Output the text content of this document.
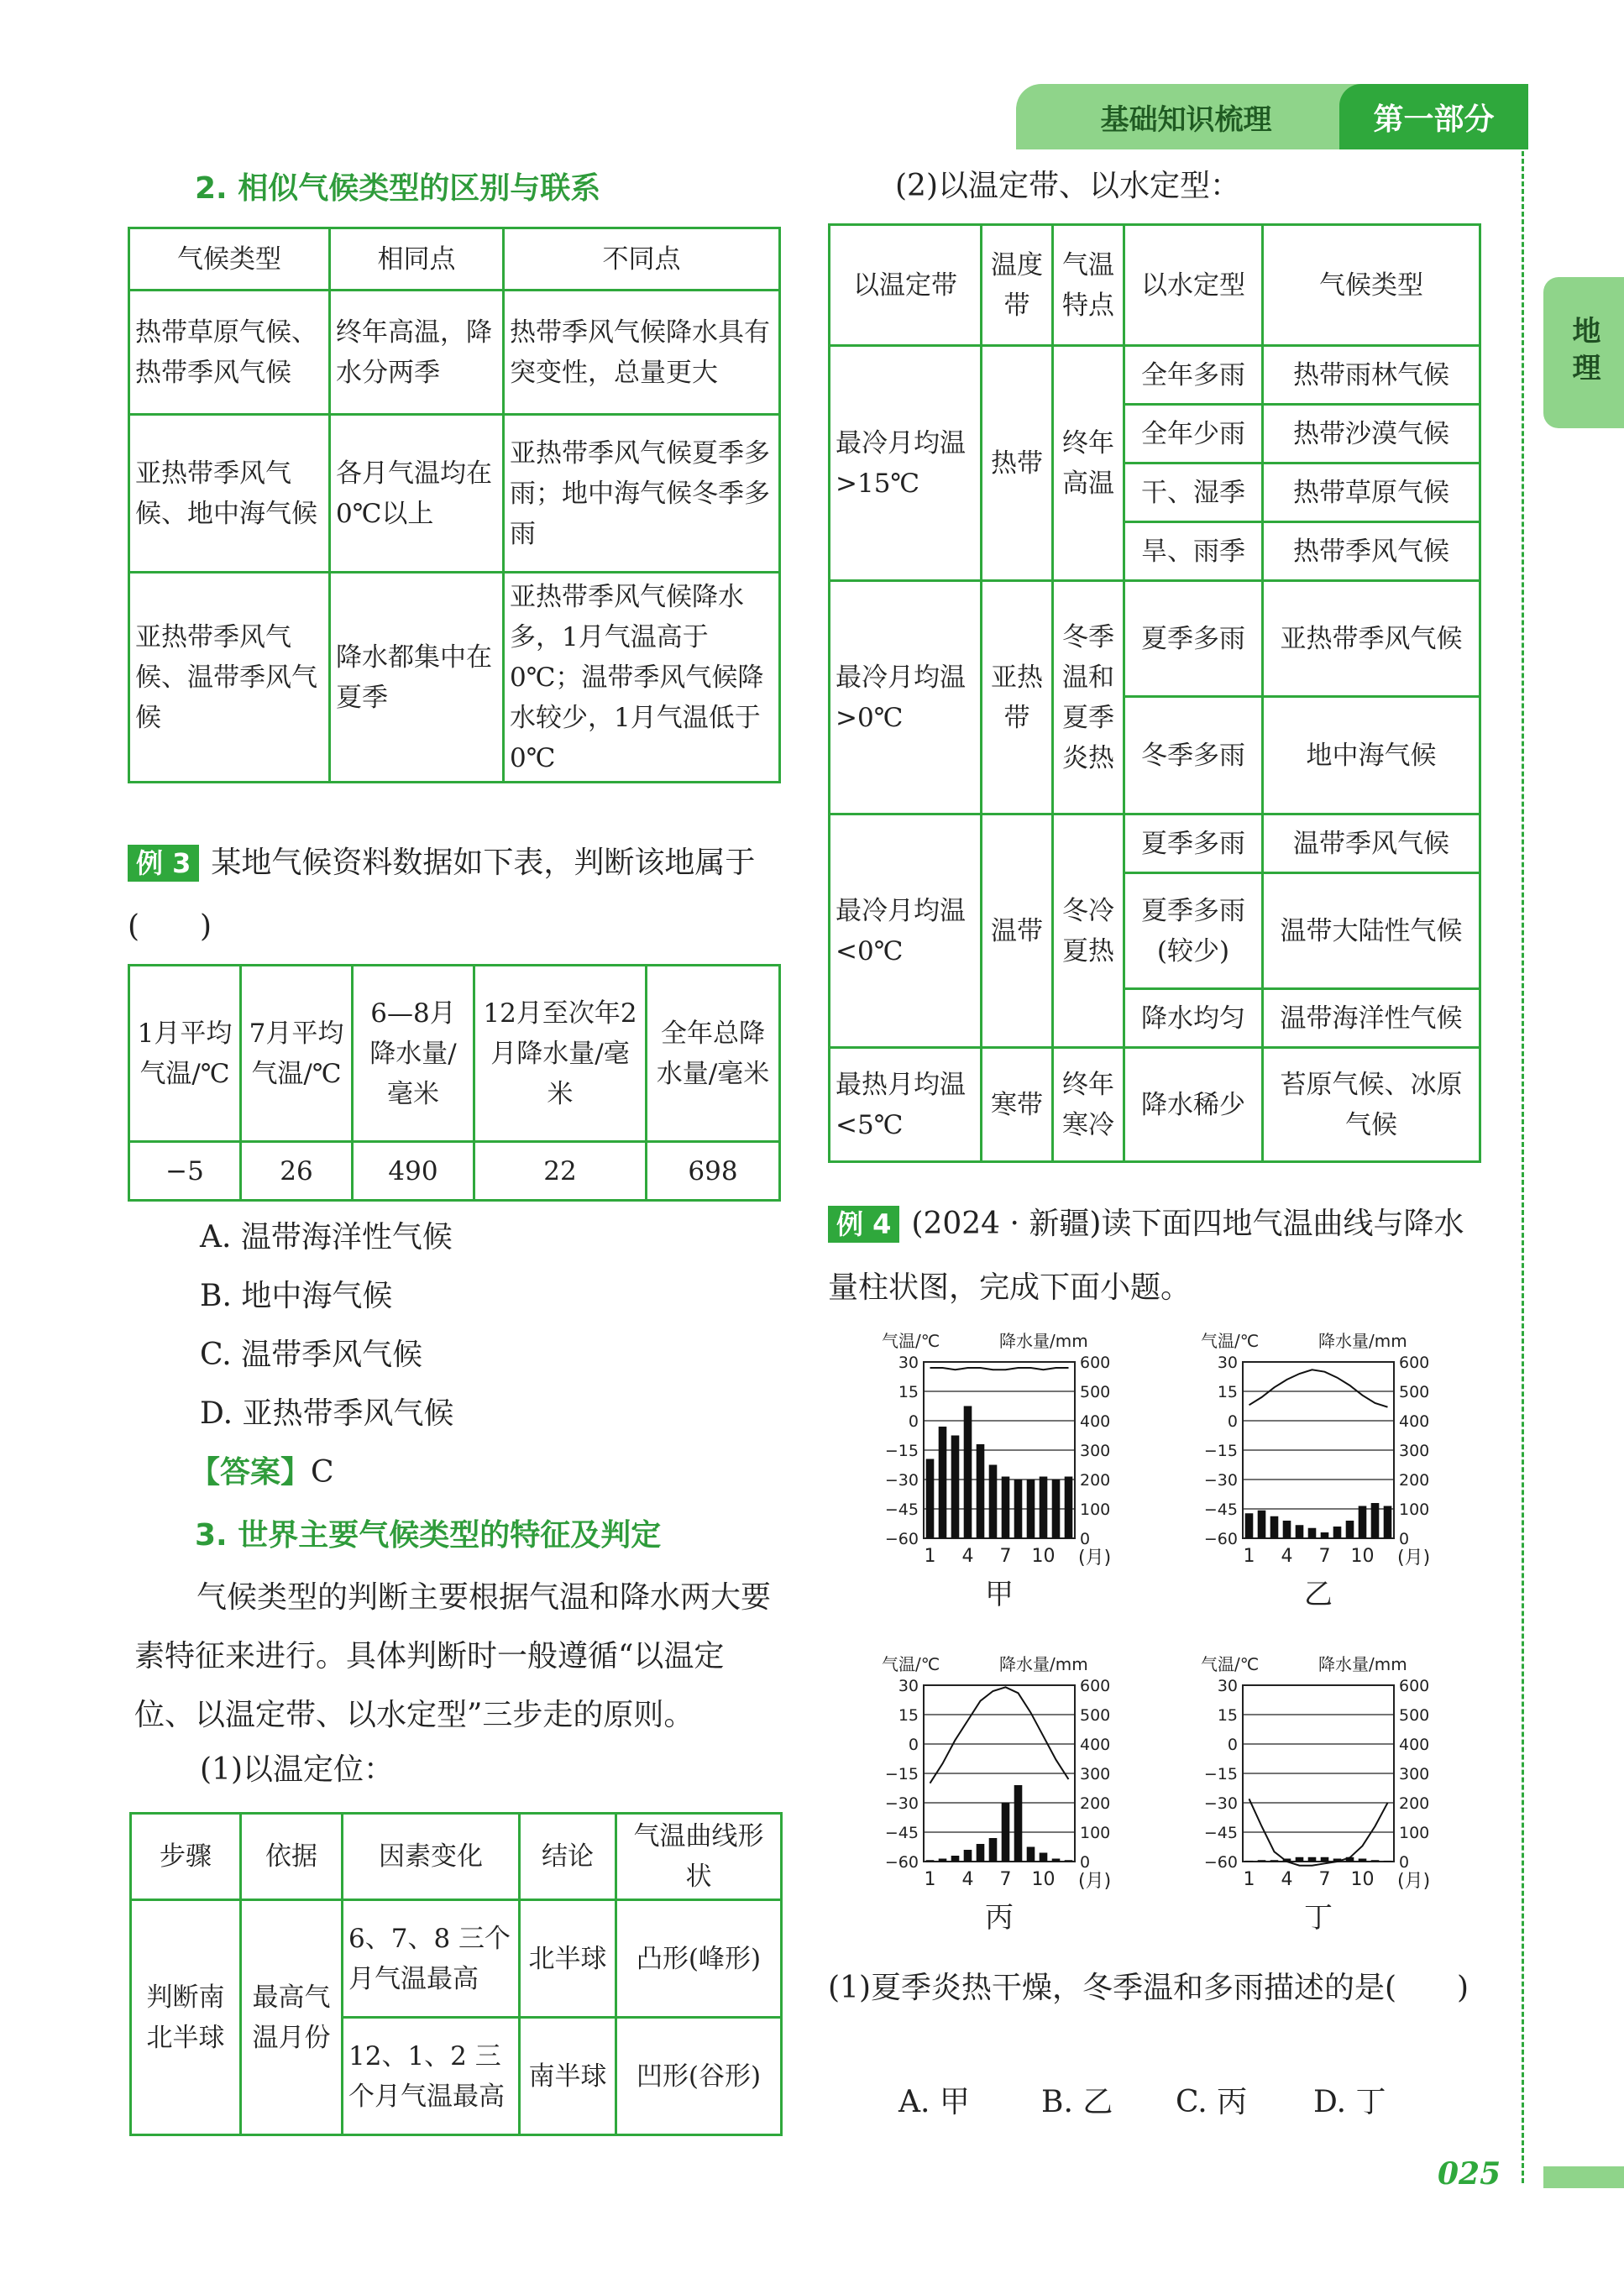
基础知识梳理	第一部分
地理
025
2. 相似气候类型的区别与联系
气候类型	相同点	不同点
热带草原气候、热带季风气候	终年高温，降水分两季	热带季风气候降水具有突变性，总量更大
亚热带季风气候、地中海气候	各月气温均在0℃以上	亚热带季风气候夏季多雨；地中海气候冬季多雨
亚热带季风气候、温带季风气候	降水都集中在夏季	亚热带季风气候降水多，1月气温高于0℃；温带季风气候降水较少，1月气温低于0℃
例 3 某地气候资料数据如下表，判断该地属于(　　)
1月平均气温/℃	7月平均气温/℃	6—8月降水量/毫米	12月至次年2月降水量/毫米	全年总降水量/毫米
−5	26	490	22	698
A. 温带海洋性气候
B. 地中海气候
C. 温带季风气候
D. 亚热带季风气候
【答案】C
3. 世界主要气候类型的特征及判定
气候类型的判断主要根据气温和降水两大要素特征来进行。具体判断时一般遵循“以温定位、以温定带、以水定型”三步走的原则。
(1)以温定位：
步骤	依据	因素变化	结论	气温曲线形状
判断南北半球	最高气温月份	6、7、8 三个月气温最高	北半球	凸形(峰形)
		12、1、2 三个月气温最高	南半球	凹形(谷形)
(2)以温定带、以水定型：
以温定带	温度带	气温特点	以水定型	气候类型
最冷月均温>15℃	热带	终年高温	全年多雨	热带雨林气候
			全年少雨	热带沙漠气候
			干、湿季	热带草原气候
			旱、雨季	热带季风气候
最冷月均温>0℃	亚热带	冬季温和夏季炎热	夏季多雨	亚热带季风气候
			冬季多雨	地中海气候
最冷月均温<0℃	温带	冬冷夏热	夏季多雨	温带季风气候
			夏季多雨(较少)	温带大陆性气候
			降水均匀	温带海洋性气候
最热月均温<5℃	寒带	终年寒冷	降水稀少	苔原气候、冰原气候
例 4 (2024 · 新疆)读下面四地气温曲线与降水量柱状图，完成下面小题。
气温/℃	降水量/mm
30
15
0
−15
−30
−45
−60
600
500
400
300
200
100
0
1 4 7 10 (月)
甲
气温/℃	降水量/mm
30
15
0
−15
−30
−45
−60
600
500
400
300
200
100
0
1 4 7 10 (月)
乙
气温/℃	降水量/mm
30
15
0
−15
−30
−45
−60
600
500
400
300
200
100
0
1 4 7 10 (月)
丙
气温/℃	降水量/mm
30
15
0
−15
−30
−45
−60
600
500
400
300
200
100
0
1 4 7 10 (月)
丁
(1)夏季炎热干燥，冬季温和多雨描述的是(　　)
A. 甲 B. 乙 C. 丙 D. 丁
